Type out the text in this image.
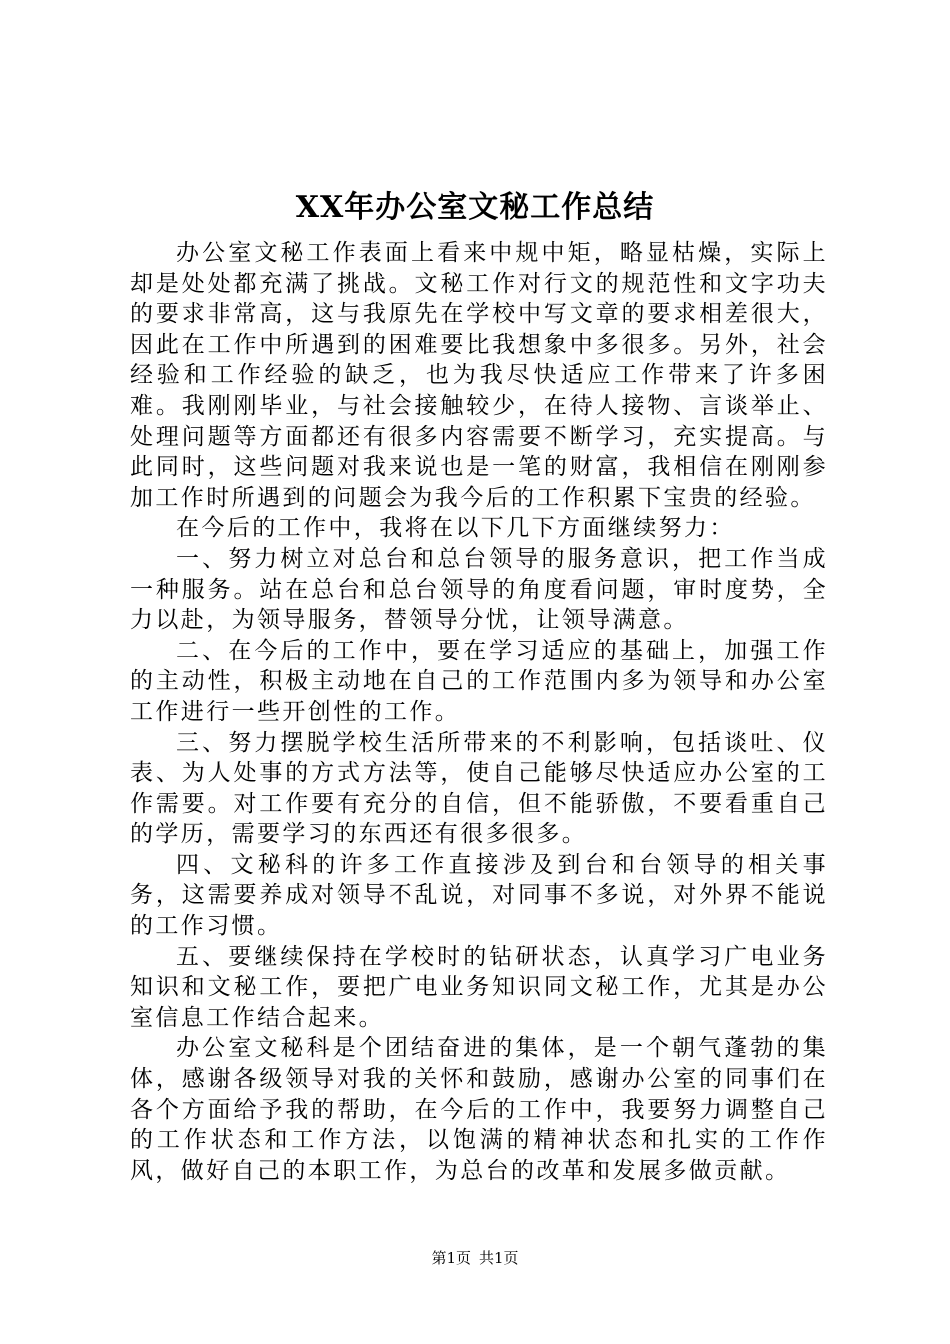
XX年办公室文秘工作总结

办公室文秘工作表面上看来中规中矩，略显枯燥，实际上却是处处都充满了挑战。文秘工作对行文的规范性和文字功夫的要求非常高，这与我原先在学校中写文章的要求相差很大，因此在工作中所遇到的困难要比我想象中多很多。另外，社会经验和工作经验的缺乏，也为我尽快适应工作带来了许多困难。我刚刚毕业，与社会接触较少，在待人接物、言谈举止、处理问题等方面都还有很多内容需要不断学习，充实提高。与此同时，这些问题对我来说也是一笔的财富，我相信在刚刚参加工作时所遇到的问题会为我今后的工作积累下宝贵的经验。

在今后的工作中，我将在以下几下方面继续努力：

一、努力树立对总台和总台领导的服务意识，把工作当成一种服务。站在总台和总台领导的角度看问题，审时度势，全力以赴，为领导服务，替领导分忧，让领导满意。

二、在今后的工作中，要在学习适应的基础上，加强工作的主动性，积极主动地在自己的工作范围内多为领导和办公室工作进行一些开创性的工作。

三、努力摆脱学校生活所带来的不利影响，包括谈吐、仪表、为人处事的方式方法等，使自己能够尽快适应办公室的工作需要。对工作要有充分的自信，但不能骄傲，不要看重自己的学历，需要学习的东西还有很多很多。

四、文秘科的许多工作直接涉及到台和台领导的相关事务，这需要养成对领导不乱说，对同事不多说，对外界不能说的工作习惯。

五、要继续保持在学校时的钻研状态，认真学习广电业务知识和文秘工作，要把广电业务知识同文秘工作，尤其是办公室信息工作结合起来。

办公室文秘科是个团结奋进的集体，是一个朝气蓬勃的集体，感谢各级领导对我的关怀和鼓励，感谢办公室的同事们在各个方面给予我的帮助，在今后的工作中，我要努力调整自己的工作状态和工作方法，以饱满的精神状态和扎实的工作作风，做好自己的本职工作，为总台的改革和发展多做贡献。

第1页 共1页
